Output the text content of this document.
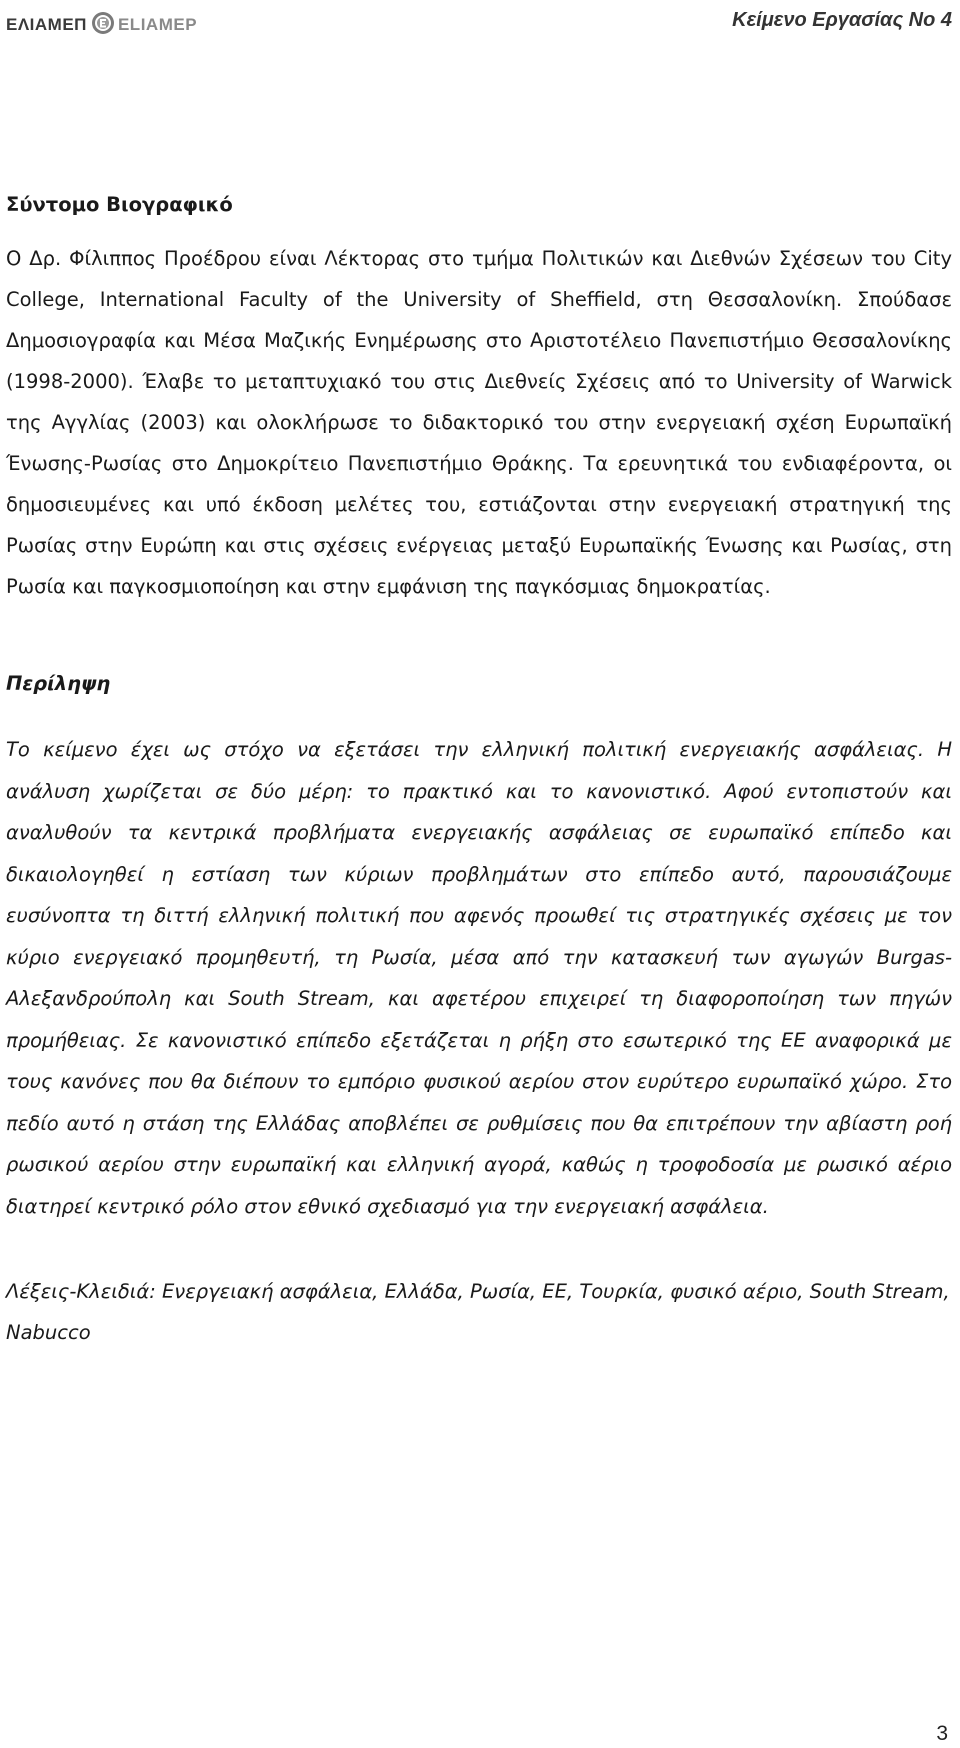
ΕΛΙΑΜΕΠ ELIAMEP	Κείμενο Εργασίας Νο 4
Σύντομο Βιογραφικό

Ο Δρ. Φίλιππος Προέδρου είναι Λέκτορας στο τμήμα Πολιτικών και Διεθνών Σχέσεων του City College, International Faculty of the University of Sheffield, στη Θεσσαλονίκη. Σπούδασε Δημοσιογραφία και Μέσα Μαζικής Ενημέρωσης στο Αριστοτέλειο Πανεπιστήμιο Θεσσαλονίκης (1998-2000). Έλαβε το μεταπτυχιακό του στις Διεθνείς Σχέσεις από το University of Warwick της Αγγλίας (2003) και ολοκλήρωσε το διδακτορικό του στην ενεργειακή σχέση Ευρωπαϊκή Ένωσης-Ρωσίας στο Δημοκρίτειο Πανεπιστήμιο Θράκης. Τα ερευνητικά του ενδιαφέροντα, οι δημοσιευμένες και υπό έκδοση μελέτες του, εστιάζονται στην ενεργειακή στρατηγική της Ρωσίας στην Ευρώπη και στις σχέσεις ενέργειας μεταξύ Ευρωπαϊκής Ένωσης και Ρωσίας, στη Ρωσία και παγκοσμιοποίηση και στην εμφάνιση της παγκόσμιας δημοκρατίας.

Περίληψη

Το κείμενο έχει ως στόχο να εξετάσει την ελληνική πολιτική ενεργειακής ασφάλειας. Η ανάλυση χωρίζεται σε δύο μέρη: το πρακτικό και το κανονιστικό. Αφού εντοπιστούν και αναλυθούν τα κεντρικά προβλήματα ενεργειακής ασφάλειας σε ευρωπαϊκό επίπεδο και δικαιολογηθεί η εστίαση των κύριων προβλημάτων στο επίπεδο αυτό, παρουσιάζουμε ευσύνοπτα τη διττή ελληνική πολιτική που αφενός προωθεί τις στρατηγικές σχέσεις με τον κύριο ενεργειακό προμηθευτή, τη Ρωσία, μέσα από την κατασκευή των αγωγών Burgas-Αλεξανδρούπολη και South Stream, και αφετέρου επιχειρεί τη διαφοροποίηση των πηγών προμήθειας. Σε κανονιστικό επίπεδο εξετάζεται η ρήξη στο εσωτερικό της ΕΕ αναφορικά με τους κανόνες που θα διέπουν το εμπόριο φυσικού αερίου στον ευρύτερο ευρωπαϊκό χώρο. Στο πεδίο αυτό η στάση της Ελλάδας αποβλέπει σε ρυθμίσεις που θα επιτρέπουν την αβίαστη ροή ρωσικού αερίου στην ευρωπαϊκή και ελληνική αγορά, καθώς η τροφοδοσία με ρωσικό αέριο διατηρεί κεντρικό ρόλο στον εθνικό σχεδιασμό για την ενεργειακή ασφάλεια.

Λέξεις-Κλειδιά: Ενεργειακή ασφάλεια, Ελλάδα, Ρωσία, ΕΕ, Τουρκία, φυσικό αέριο, South Stream, Nabucco

3
